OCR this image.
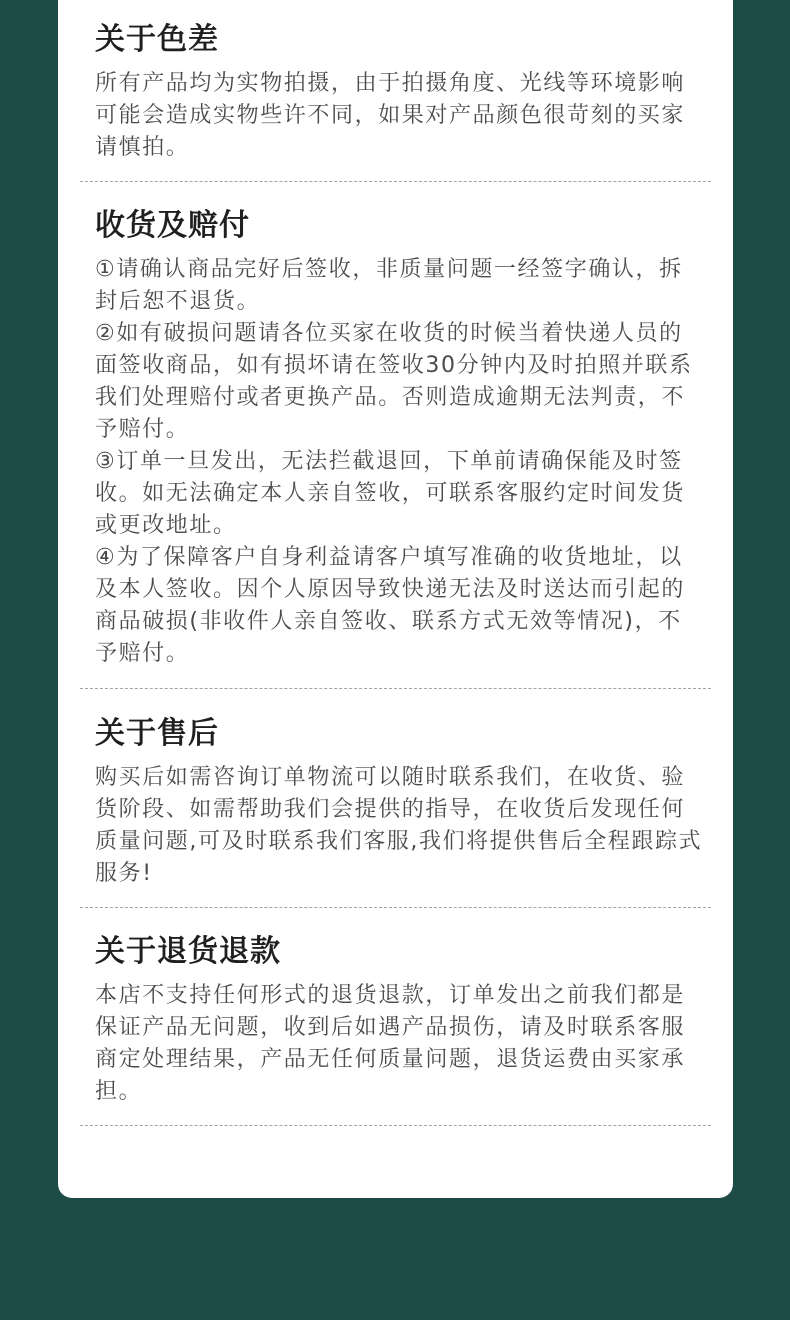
关于色差

所有产品均为实物拍摄，由于拍摄角度、光线等环境影响可能会造成实物些许不同，如果对产品颜色很苛刻的买家请慎拍。

收货及赔付

①请确认商品完好后签收，非质量问题一经签字确认，拆封后恕不退货。

②如有破损问题请各位买家在收货的时候当着快递人员的面签收商品，如有损坏请在签收30分钟内及时拍照并联系我们处理赔付或者更换产品。否则造成逾期无法判责，不予赔付。

③订单一旦发出，无法拦截退回，下单前请确保能及时签收。如无法确定本人亲自签收，可联系客服约定时间发货或更改地址。

④为了保障客户自身利益请客户填写准确的收货地址，以及本人签收。因个人原因导致快递无法及时送达而引起的商品破损(非收件人亲自签收、联系方式无效等情况)，不予赔付。

关于售后

购买后如需咨询订单物流可以随时联系我们，在收货、验货阶段、如需帮助我们会提供的指导，在收货后发现任何质量问题,可及时联系我们客服,我们将提供售后全程跟踪式服务!

关于退货退款

本店不支持任何形式的退货退款，订单发出之前我们都是保证产品无问题，收到后如遇产品损伤，请及时联系客服商定处理结果，产品无任何质量问题，退货运费由买家承担。
